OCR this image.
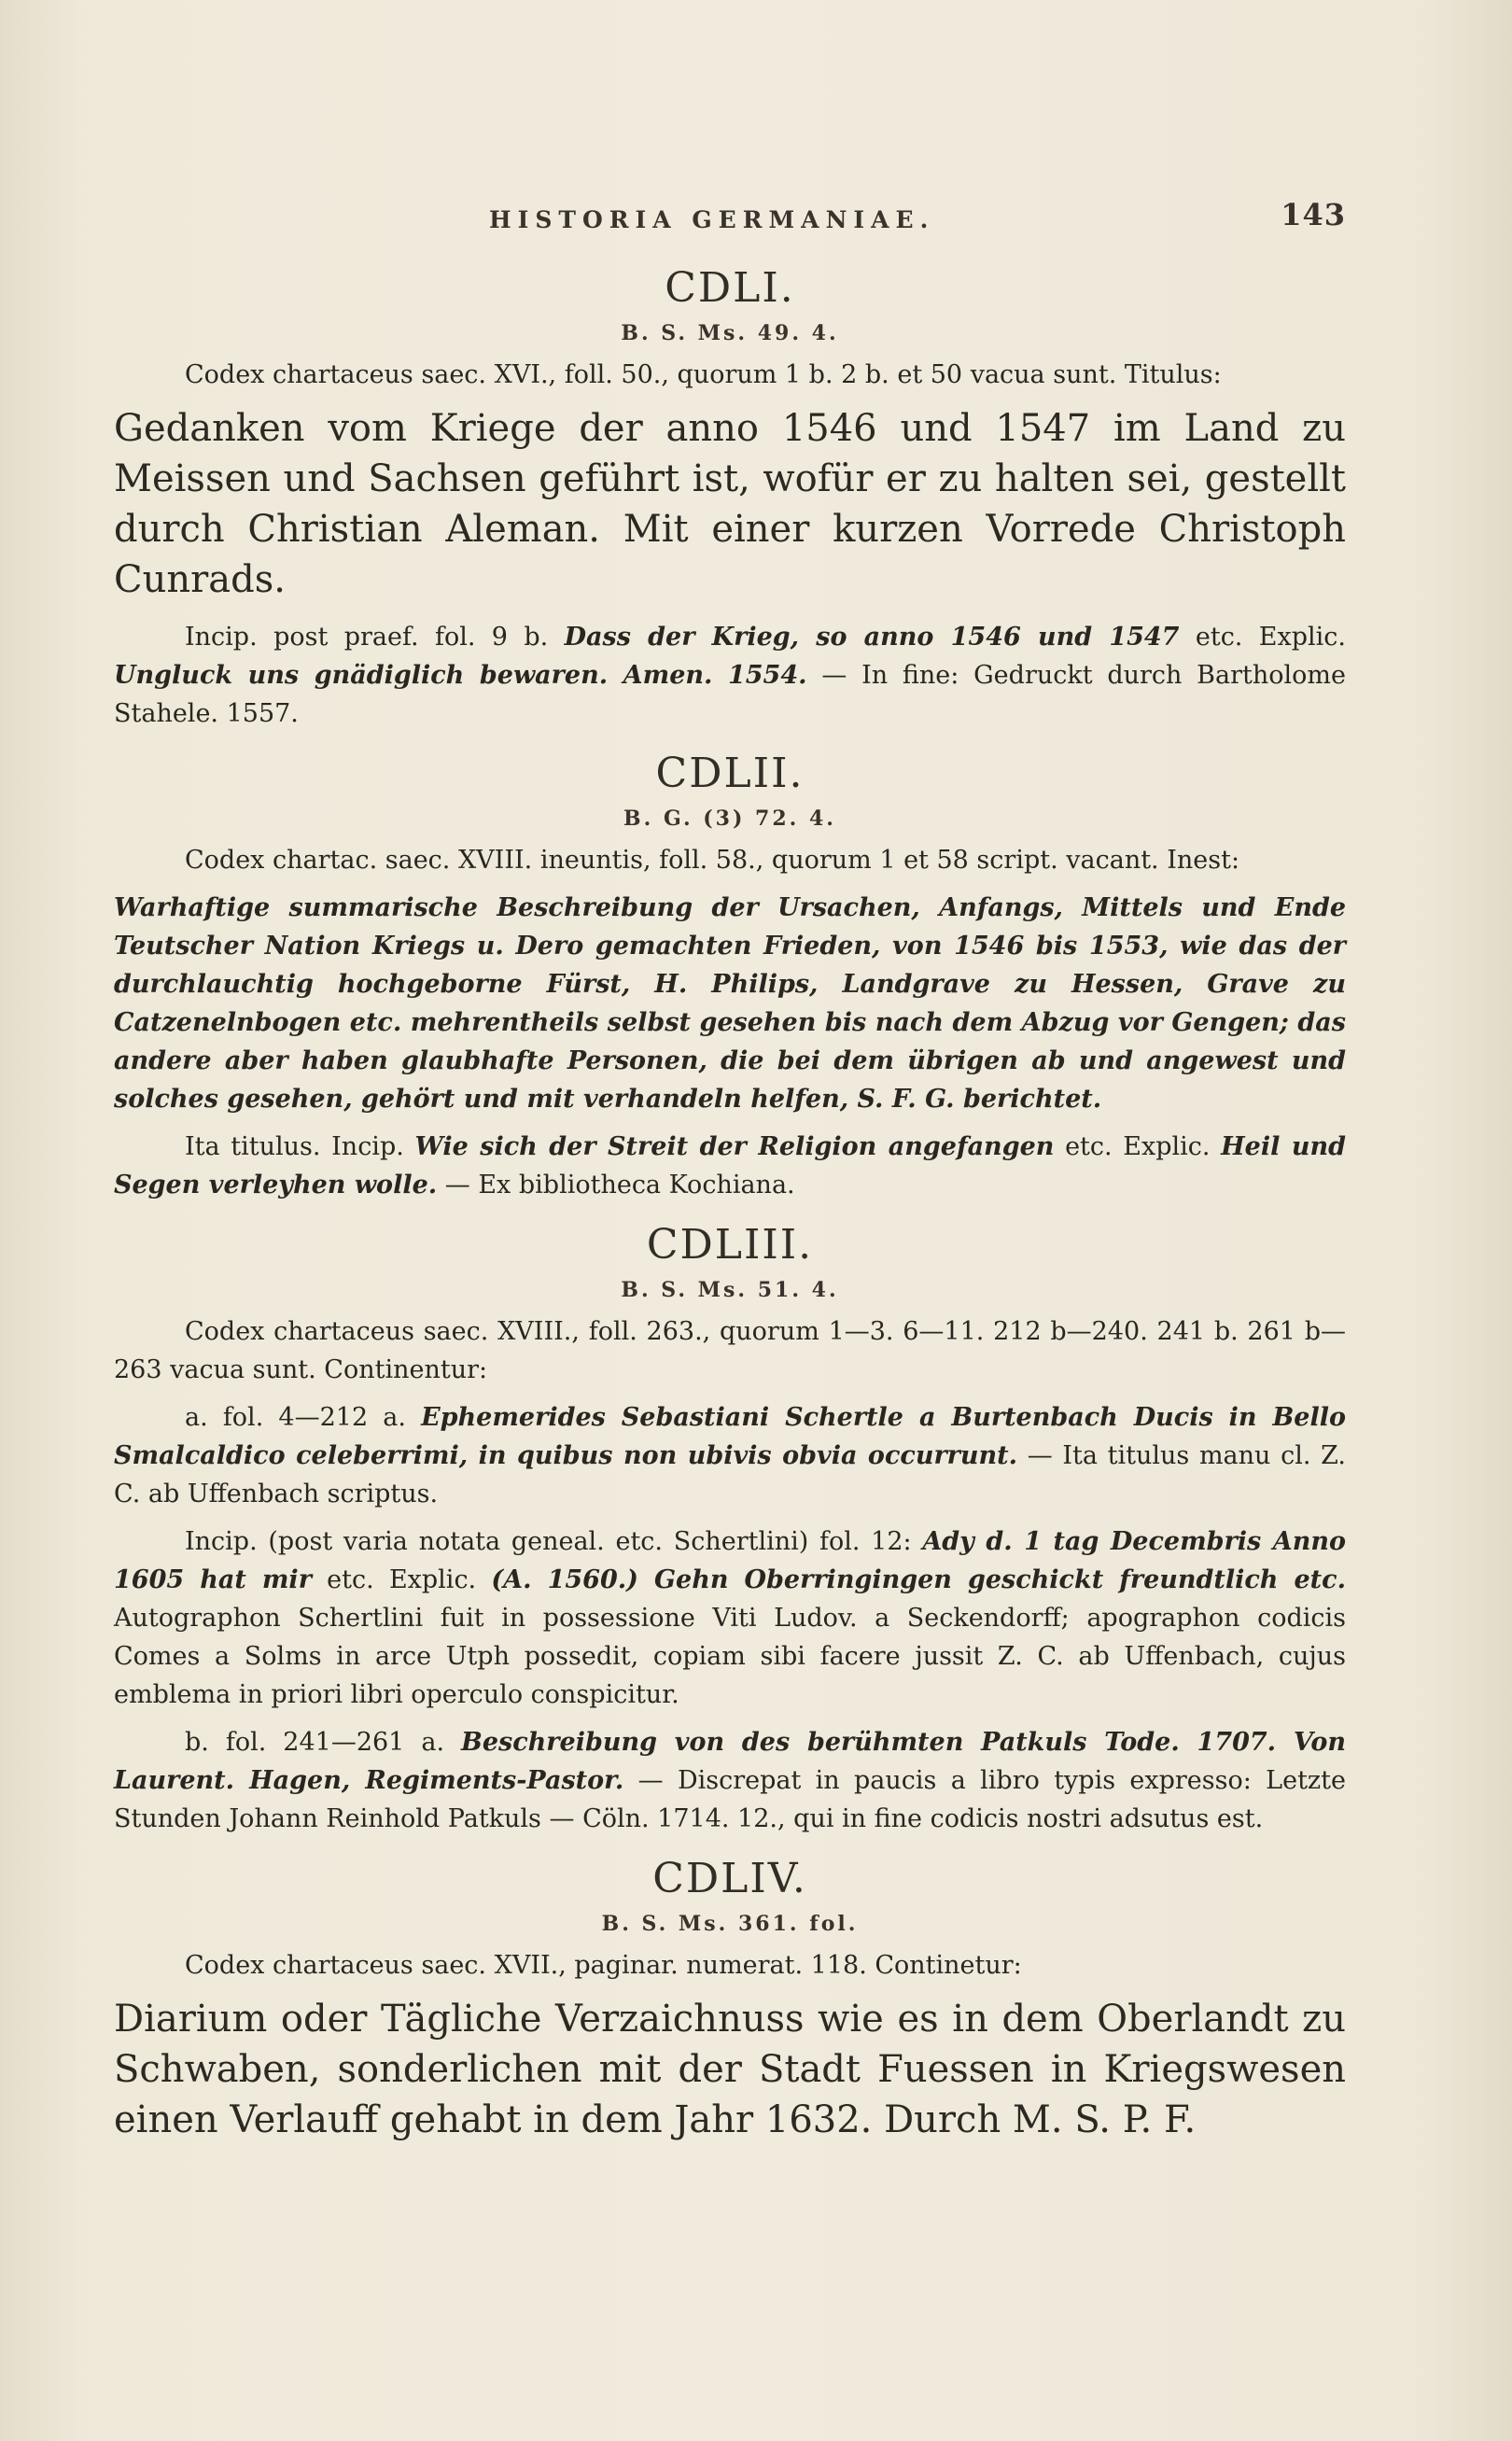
HISTORIA GERMANIAE.	143
CDLI.
B. S. Ms. 49. 4.

Codex chartaceus saec. XVI., foll. 50., quorum 1 b. 2 b. et 50 vacua sunt. Titulus:

Gedanken vom Kriege der anno 1546 und 1547 im Land zu Meissen und Sachsen geführt ist, wofür er zu halten sei, gestellt durch Christian Aleman. Mit einer kurzen Vorrede Christoph Cunrads.

Incip. post praef. fol. 9 b. Dass der Krieg, so anno 1546 und 1547 etc. Explic. Ungluck uns gnädiglich bewaren. Amen. 1554. — In fine: Gedruckt durch Bartholome Stahele. 1557.

CDLII.
B. G. (3) 72. 4.

Codex chartac. saec. XVIII. ineuntis, foll. 58., quorum 1 et 58 script. vacant. Inest:

Warhaftige summarische Beschreibung der Ursachen, Anfangs, Mittels und Ende Teutscher Nation Kriegs u. Dero gemachten Frieden, von 1546 bis 1553, wie das der durchlauchtig hochgeborne Fürst, H. Philips, Landgrave zu Hessen, Grave zu Catzenelnbogen etc. mehrentheils selbst gesehen bis nach dem Abzug vor Gengen; das andere aber haben glaubhafte Personen, die bei dem übrigen ab und angewest und solches gesehen, gehört und mit verhandeln helfen, S. F. G. berichtet.

Ita titulus. Incip. Wie sich der Streit der Religion angefangen etc. Explic. Heil und Segen verleyhen wolle. — Ex bibliotheca Kochiana.

CDLIII.
B. S. Ms. 51. 4.

Codex chartaceus saec. XVIII., foll. 263., quorum 1—3. 6—11. 212 b—240. 241 b. 261 b—263 vacua sunt. Continentur:

a. fol. 4—212 a. Ephemerides Sebastiani Schertle a Burtenbach Ducis in Bello Smalcaldico celeberrimi, in quibus non ubivis obvia occurrunt. — Ita titulus manu cl. Z. C. ab Uffenbach scriptus.

Incip. (post varia notata geneal. etc. Schertlini) fol. 12: Ady d. 1 tag Decembris Anno 1605 hat mir etc. Explic. (A. 1560.) Gehn Oberringingen geschickt freundtlich etc. Autographon Schertlini fuit in possessione Viti Ludov. a Seckendorff; apographon codicis Comes a Solms in arce Utph possedit, copiam sibi facere jussit Z. C. ab Uffenbach, cujus emblema in priori libri operculo conspicitur.

b. fol. 241—261 a. Beschreibung von des berühmten Patkuls Tode. 1707. Von Laurent. Hagen, Regiments-Pastor. — Discrepat in paucis a libro typis expresso: Letzte Stunden Johann Reinhold Patkuls — Cöln. 1714. 12., qui in fine codicis nostri adsutus est.

CDLIV.
B. S. Ms. 361. fol.

Codex chartaceus saec. XVII., paginar. numerat. 118. Continetur:

Diarium oder Tägliche Verzaichnuss wie es in dem Oberlandt zu Schwaben, sonderlichen mit der Stadt Fuessen in Kriegswesen einen Verlauff gehabt in dem Jahr 1632. Durch M. S. P. F.
